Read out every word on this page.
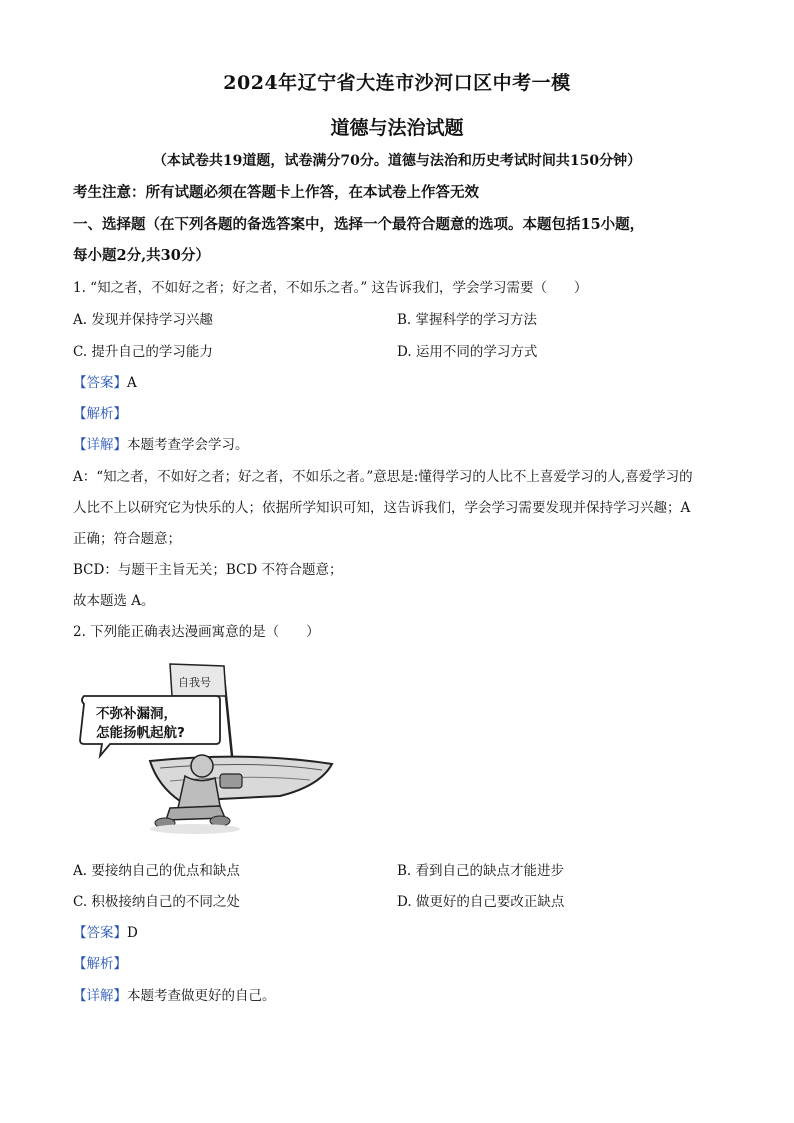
2024年辽宁省大连市沙河口区中考一模
道德与法治试题
（本试卷共19道题，试卷满分70分。道德与法治和历史考试时间共150分钟）
考生注意：所有试题必须在答题卡上作答，在本试卷上作答无效
一、选择题（在下列各题的备选答案中，选择一个最符合题意的选项。本题包括15小题，
每小题2分,共30分）
1. “知之者，不如好之者；好之者，不如乐之者。” 这告诉我们，学会学习需要（　　）
A. 发现并保持学习兴趣	B. 掌握科学的学习方法
C. 提升自己的学习能力	D. 运用不同的学习方式
【答案】A
【解析】
【详解】本题考查学会学习。
A：“知之者，不如好之者；好之者，不如乐之者。”意思是:懂得学习的人比不上喜爱学习的人,喜爱学习的
人比不上以研究它为快乐的人；依据所学知识可知，这告诉我们，学会学习需要发现并保持学习兴趣；A
正确；符合题意；
BCD：与题干主旨无关；BCD 不符合题意；
故本题选 A。
2. 下列能正确表达漫画寓意的是（　　）
自我号
不弥补漏洞，
怎能扬帆起航?
A. 要接纳自己的优点和缺点	B. 看到自己的缺点才能进步
C. 积极接纳自己的不同之处	D. 做更好的自己要改正缺点
【答案】D
【解析】
【详解】本题考查做更好的自己。
